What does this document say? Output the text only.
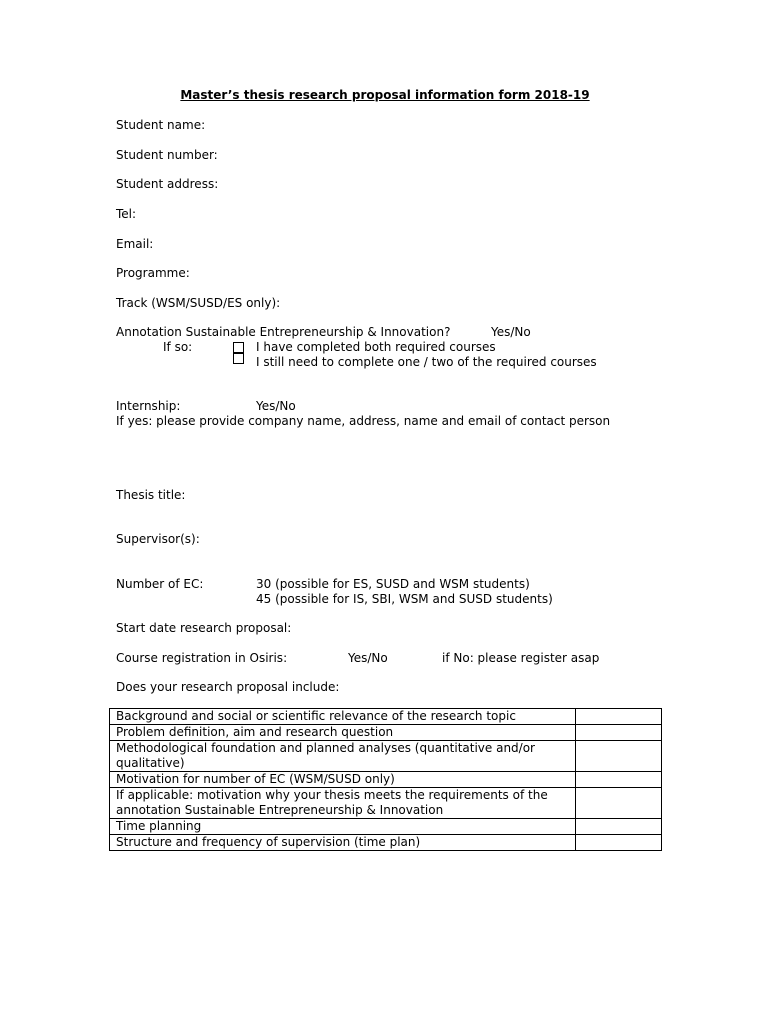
Master’s thesis research proposal information form 2018-19
Student name:
Student number:
Student address:
Tel:
Email:
Programme:
Track (WSM/SUSD/ES only):
Annotation Sustainable Entrepreneurship & Innovation?	Yes/No
If so:	I have completed both required courses
I still need to complete one / two of the required courses
Internship:	Yes/No
If yes: please provide company name, address, name and email of contact person
Thesis title:
Supervisor(s):
Number of EC:	30 (possible for ES, SUSD and WSM students)
45 (possible for IS, SBI, WSM and SUSD students)
Start date research proposal:
Course registration in Osiris:	Yes/No	if No: please register asap
Does your research proposal include:
Background and social or scientific relevance of the research topic	
Problem definition, aim and research question	
Methodological foundation and planned analyses (quantitative and/or qualitative)	
Motivation for number of EC (WSM/SUSD only)	
If applicable: motivation why your thesis meets the requirements of the annotation Sustainable Entrepreneurship & Innovation	
Time planning	
Structure and frequency of supervision (time plan)	
